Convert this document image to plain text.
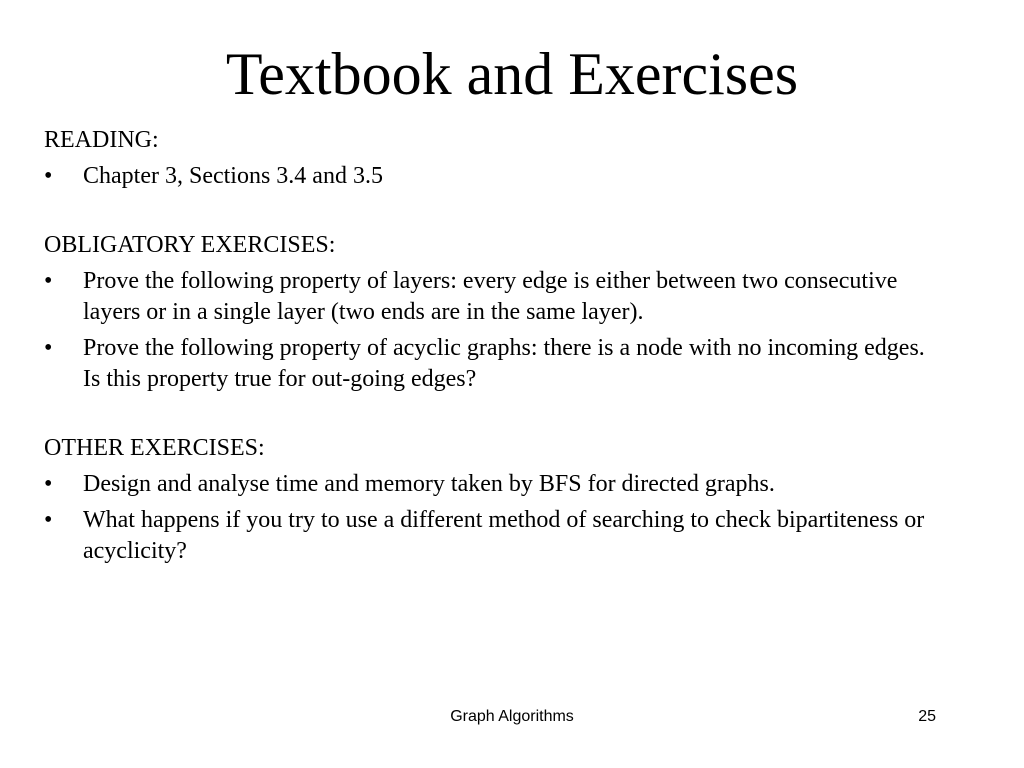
Textbook and Exercises
READING:
• Chapter 3, Sections 3.4 and 3.5
OBLIGATORY EXERCISES:
• Prove the following property of layers: every edge is either between two consecutive layers or in a single layer (two ends are in the same layer).
• Prove the following property of acyclic graphs: there is a node with no incoming edges. Is this property true for out-going edges?
OTHER EXERCISES:
• Design and analyse time and memory taken by BFS for directed graphs.
• What happens if you try to use a different method of searching to check bipartiteness or acyclicity?
Graph Algorithms	25
